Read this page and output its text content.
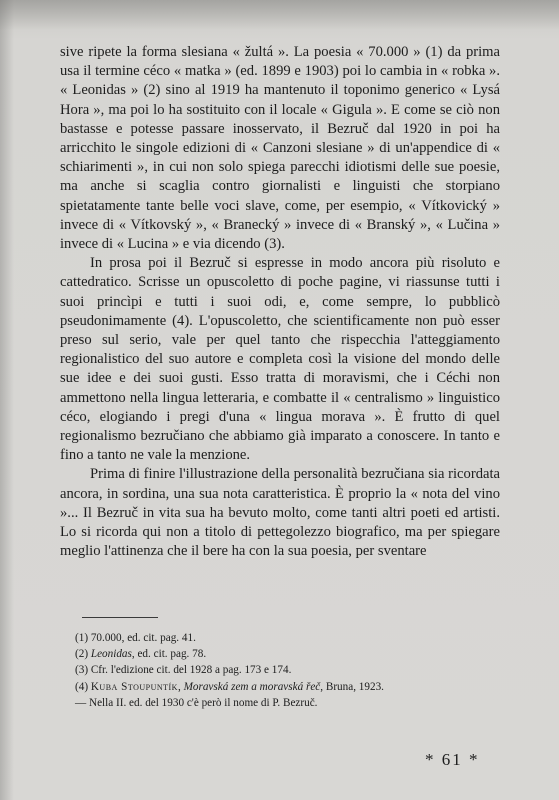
sive ripete la forma slesiana « žultá ». La poesia « 70.000 » (1) da prima usa il termine céco « matka » (ed. 1899 e 1903) poi lo cambia in « robka ». « Leonidas » (2) sino al 1919 ha mantenuto il toponimo generico « Lysá Hora », ma poi lo ha sostituito con il locale « Gigula ». E come se ciò non bastasse e potesse passare inosservato, il Bezruč dal 1920 in poi ha arricchito le singole edizioni di « Canzoni slesiane » di un'appendice di « schiarimenti », in cui non solo spiega parecchi idiotismi delle sue poesie, ma anche si scaglia contro giornalisti e linguisti che storpiano spietatamente tante belle voci slave, come, per esempio, « Vítkovický » invece di « Vítkovský », « Branecký » invece di « Branský », « Lučina » invece di « Lucina » e via dicendo (3).

In prosa poi il Bezruč si espresse in modo ancora più risoluto e cattedratico. Scrisse un opuscoletto di poche pagine, vi riassunse tutti i suoi princìpi e tutti i suoi odi, e, come sempre, lo pubblicò pseudonimamente (4). L'opuscoletto, che scientificamente non può esser preso sul serio, vale per quel tanto che rispecchia l'atteggiamento regionalistico del suo autore e completa così la visione del mondo delle sue idee e dei suoi gusti. Esso tratta di moravismi, che i Céchi non ammettono nella lingua letteraria, e combatte il « centralismo » linguistico céco, elogiando i pregi d'una « lingua morava ». È frutto di quel regionalismo bezručiano che abbiamo già imparato a conoscere. In tanto e fino a tanto ne vale la menzione.

Prima di finire l'illustrazione della personalità bezručiana sia ricordata ancora, in sordina, una sua nota caratteristica. È proprio la « nota del vino »... Il Bezruč in vita sua ha bevuto molto, come tanti altri poeti ed artisti. Lo si ricorda qui non a titolo di pettegolezzo biografico, ma per spiegare meglio l'attinenza che il bere ha con la sua poesia, per sventare

(1) 70.000, ed. cit. pag. 41.
(2) Leonidas, ed. cit. pag. 78.
(3) Cfr. l'edizione cit. del 1928 a pag. 173 e 174.
(4) Kuba Stoupuntík, Moravská zem a moravská řeč, Bruna, 1923.
— Nella II. ed. del 1930 c'è però il nome di P. Bezruč.
* 61 *
